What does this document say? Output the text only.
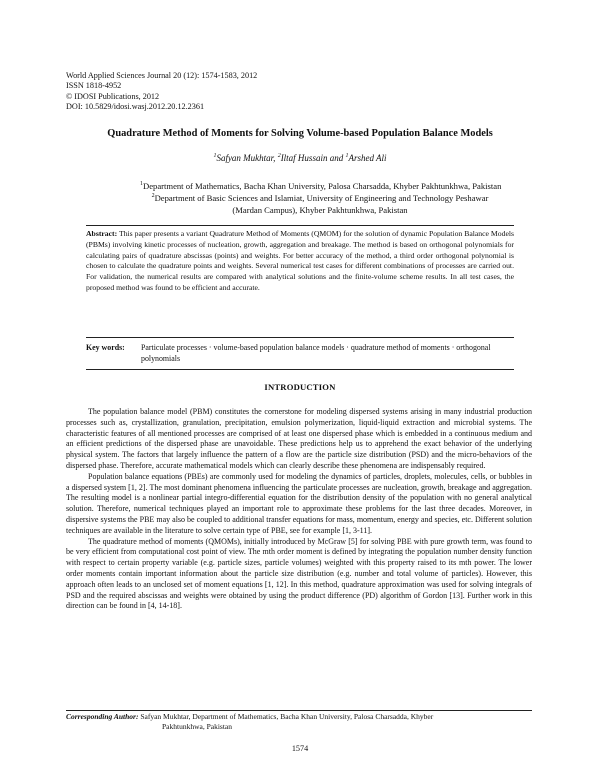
World Applied Sciences Journal 20 (12): 1574-1583, 2012
ISSN 1818-4952
© IDOSI Publications, 2012
DOI: 10.5829/idosi.wasj.2012.20.12.2361
Quadrature Method of Moments for Solving Volume-based Population Balance Models
$^1$Safyan Mukhtar, $^2$Iltaf Hussain and $^1$Arshed Ali
$^1$Department of Mathematics, Bacha Khan University, Palosa Charsadda, Khyber Pakhtunkhwa, Pakistan
$^2$Department of Basic Sciences and Islamiat, University of Engineering and Technology Peshawar (Mardan Campus), Khyber Pakhtunkhwa, Pakistan
Abstract: This paper presents a variant Quadrature Method of Moments (QMOM) for the solution of dynamic Population Balance Models (PBMs) involving kinetic processes of nucleation, growth, aggregation and breakage. The method is based on orthogonal polynomials for calculating pairs of quadrature abscissas (points) and weights. For better accuracy of the method, a third order orthogonal polynomial is chosen to calculate the quadrature points and weights. Several numerical test cases for different combinations of processes are carried out. For validation, the numerical results are compared with analytical solutions and the finite-volume scheme results. In all test cases, the proposed method was found to be efficient and accurate.
Key words: Particulate processes · volume-based population balance models · quadrature method of moments · orthogonal polynomials
INTRODUCTION

The population balance model (PBM) constitutes the cornerstone for modeling dispersed systems arising in many industrial production processes such as, crystallization, granulation, precipitation, emulsion polymerization, liquid-liquid extraction and microbial systems. The characteristic features of all mentioned processes are comprised of at least one dispersed phase which is embedded in a continuous medium and an efficient predictions of the dispersed phase are unavoidable. These predictions help us to apprehend the exact behavior of the underlying physical system. The factors that largely influence the pattern of a flow are the particle size distribution (PSD) and the micro-behaviors of the dispersed phase. Therefore, accurate mathematical models which can clearly describe these phenomena are indispensably required.

Population balance equations (PBEs) are commonly used for modeling the dynamics of particles, droplets, molecules, cells, or bubbles in a dispersed system [1, 2]. The most dominant phenomena influencing the particulate processes are nucleation, growth, breakage and aggregation. The resulting model is a nonlinear partial integro-differential equation for the distribution density of the population with no general analytical solution. Therefore, numerical techniques played an important role to approximate these problems for the last three decades. Moreover, in dispersive systems the PBE may also be coupled to additional transfer equations for mass, momentum, energy and species, etc. Different solution techniques are available in the literature to solve certain type of PBE, see for example [1, 3-11].

The quadrature method of moments (QMOMs), initially introduced by McGraw [5] for solving PBE with pure growth term, was found to be very efficient from computational cost point of view. The mth order moment is defined by integrating the population number density function with respect to certain property variable (e.g. particle sizes, particle volumes) weighted with this property raised to its mth power. The lower order moments contain important information about the particle size distribution (e.g. number and total volume of particles). However, this approach often leads to an unclosed set of moment equations [1, 12]. In this method, quadrature approximation was used for solving integrals of PSD and the required abscissas and weights were obtained by using the product difference (PD) algorithm of Gordon [13]. Further work in this direction can be found in [4, 14-18].

Corresponding Author: Safyan Mukhtar, Department of Mathematics, Bacha Khan University, Palosa Charsadda, Khyber
Pakhtunkhwa, Pakistan
1574
